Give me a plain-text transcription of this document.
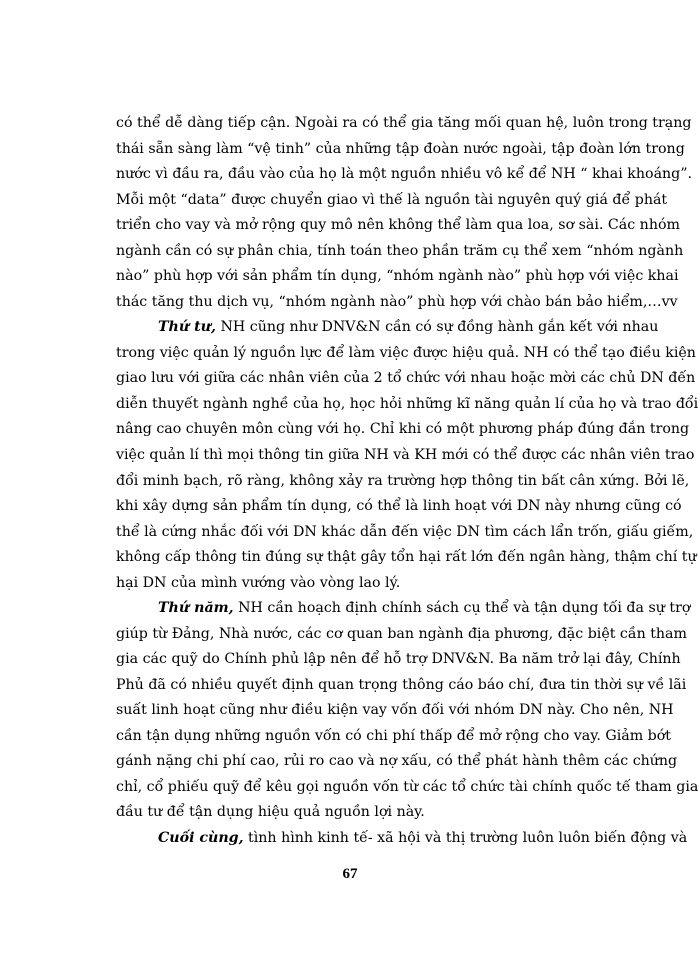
có thể dễ dàng tiếp cận. Ngoài ra có thể gia tăng mối quan hệ, luôn trong trạng

thái sẵn sàng làm “vệ tinh” của những tập đoàn nước ngoài, tập đoàn lớn trong

nước vì đầu ra, đầu vào của họ là một nguồn nhiều vô kể để NH “ khai khoáng”.

Mỗi một “data” được chuyển giao vì thế là nguồn tài nguyên quý giá để phát

triển cho vay và mở rộng quy mô nên không thể làm qua loa, sơ sài. Các nhóm

ngành cần có sự phân chia, tính toán theo phần trăm cụ thể xem “nhóm ngành

nào” phù hợp với sản phẩm tín dụng, “nhóm ngành nào” phù hợp với việc khai

thác tăng thu dịch vụ, “nhóm ngành nào” phù hợp với chào bán bảo hiểm,…vv

Thứ tư, NH cũng như DNV&N cần có sự đồng hành gắn kết với nhau

trong việc quản lý nguồn lực để làm việc được hiệu quả. NH có thể tạo điều kiện

giao lưu với giữa các nhân viên của 2 tổ chức với nhau hoặc mời các chủ DN đến

diễn thuyết ngành nghề của họ, học hỏi những kĩ năng quản lí của họ và trao đổi

nâng cao chuyên môn cùng với họ. Chỉ khi có một phương pháp đúng đắn trong

việc quản lí thì mọi thông tin giữa NH và KH mới có thể được các nhân viên trao

đổi minh bạch, rõ ràng, không xảy ra trường hợp thông tin bất cân xứng. Bởi lẽ,

khi xây dựng sản phẩm tín dụng, có thể là linh hoạt với DN này nhưng cũng có

thể là cứng nhắc đối với DN khác dẫn đến việc DN tìm cách lẩn trốn, giấu giếm,

không cấp thông tin đúng sự thật gây tổn hại rất lớn đến ngân hàng, thậm chí tự

hại DN của mình vướng vào vòng lao lý.

Thứ năm, NH cần hoạch định chính sách cụ thể và tận dụng tối đa sự trợ

giúp từ Đảng, Nhà nước, các cơ quan ban ngành địa phương, đặc biệt cần tham

gia các quỹ do Chính phủ lập nên để hỗ trợ DNV&N. Ba năm trở lại đây, Chính

Phủ đã có nhiều quyết định quan trọng thông cáo báo chí, đưa tin thời sự về lãi

suất linh hoạt cũng như điều kiện vay vốn đối với nhóm DN này. Cho nên, NH

cần tận dụng những nguồn vốn có chi phí thấp để mở rộng cho vay. Giảm bớt

gánh nặng chi phí cao, rủi ro cao và nợ xấu, có thể phát hành thêm các chứng

chỉ, cổ phiếu quỹ để kêu gọi nguồn vốn từ các tổ chức tài chính quốc tế tham gia

đầu tư để tận dụng hiệu quả nguồn lợi này.

Cuối cùng, tình hình kinh tế- xã hội và thị trường luôn luôn biến động và

67
